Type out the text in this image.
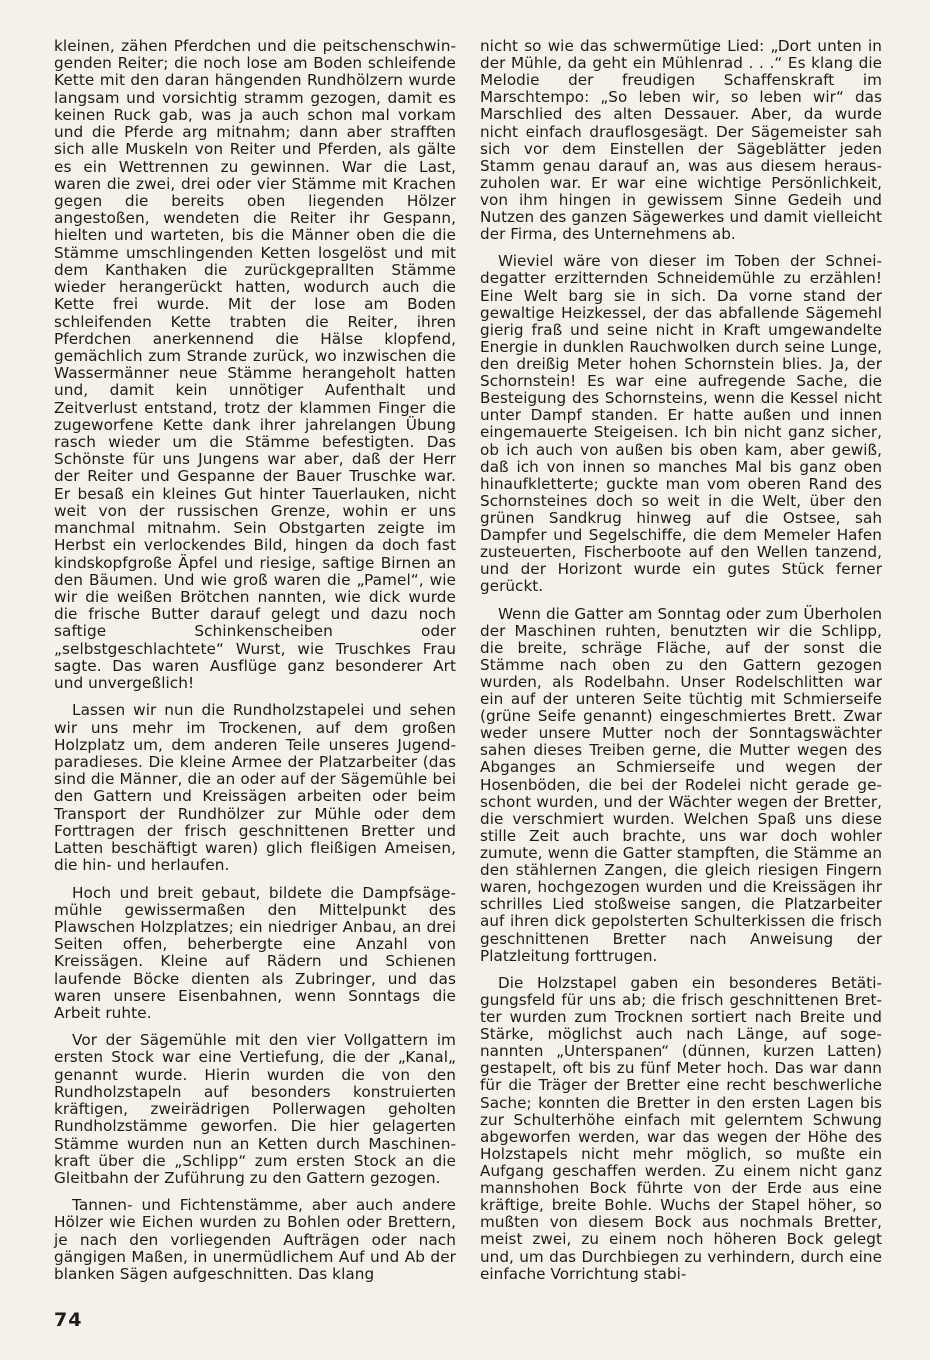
kleinen, zähen Pferdchen und die peitschenschwingenden Reiter; die noch lose am Boden schleifende Kette mit den daran hängenden Rundhölzern wurde langsam und vorsichtig stramm gezogen, damit es keinen Ruck gab, was ja auch schon mal vorkam und die Pferde arg mitnahm; dann aber strafften sich alle Muskeln von Reiter und Pferden, als gälte es ein Wettrennen zu gewinnen. War die Last, waren die zwei, drei oder vier Stämme mit Krachen gegen die bereits oben liegenden Hölzer angestoßen, wendeten die Reiter ihr Gespann, hielten und warteten, bis die Männer oben die die Stämme umschlingenden Ketten losgelöst und mit dem Kanthaken die zurückgeprallten Stämme wieder herangerückt hatten, wodurch auch die Kette frei wurde. Mit der lose am Boden schleifenden Kette trabten die Reiter, ihren Pferdchen anerkennend die Hälse klopfend, gemächlich zum Strande zurück, wo inzwischen die Wassermänner neue Stämme herangeholt hatten und, damit kein unnötiger Aufenthalt und Zeitverlust entstand, trotz der klammen Finger die zugeworfene Kette dank ihrer jahrelangen Übung rasch wieder um die Stämme befestigten. Das Schönste für uns Jungens war aber, daß der Herr der Reiter und Gespanne der Bauer Truschke war. Er besaß ein kleines Gut hinter Tauerlauken, nicht weit von der russischen Grenze, wohin er uns manchmal mitnahm. Sein Obstgarten zeigte im Herbst ein verlockendes Bild, hingen da doch fast kindskopfgroße Äpfel und riesige, saftige Birnen an den Bäumen. Und wie groß waren die „Pamel“, wie wir die weißen Brötchen nannten, wie dick wurde die frische Butter darauf gelegt und dazu noch saftige Schinkenscheiben oder „selbstgeschlachtete“ Wurst, wie Truschkes Frau sagte. Das waren Ausflüge ganz besonderer Art und unvergeßlich!

Lassen wir nun die Rundholzstapelei und sehen wir uns mehr im Trockenen, auf dem großen Holzplatz um, dem anderen Teile unseres Jugendparadieses. Die kleine Armee der Platzarbeiter (das sind die Männer, die an oder auf der Sägemühle bei den Gattern und Kreissägen arbeiten oder beim Transport der Rundhölzer zur Mühle oder dem Forttragen der frisch geschnittenen Bretter und Latten beschäftigt waren) glich fleißigen Ameisen, die hin- und herlaufen.

Hoch und breit gebaut, bildete die Dampfsägemühle gewissermaßen den Mittelpunkt des Plawschen Holzplatzes; ein niedriger Anbau, an drei Seiten offen, beherbergte eine Anzahl von Kreissägen. Kleine auf Rädern und Schienen laufende Böcke dienten als Zubringer, und das waren unsere Eisenbahnen, wenn Sonntags die Arbeit ruhte.

Vor der Sägemühle mit den vier Vollgattern im ersten Stock war eine Vertiefung, die der „Kanal„ genannt wurde. Hierin wurden die von den Rundholzstapeln auf besonders konstruierten kräftigen, zweirädrigen Pollerwagen geholten Rundholzstämme geworfen. Die hier gelagerten Stämme wurden nun an Ketten durch Maschinenkraft über die „Schlipp“ zum ersten Stock an die Gleitbahn der Zuführung zu den Gattern gezogen.

Tannen- und Fichtenstämme, aber auch andere Hölzer wie Eichen wurden zu Bohlen oder Brettern, je nach den vorliegenden Aufträgen oder nach gängigen Maßen, in unermüdlichem Auf und Ab der blanken Sägen aufgeschnitten. Das klang

nicht so wie das schwermütige Lied: „Dort unten in der Mühle, da geht ein Mühlenrad . . .“ Es klang die Melodie der freudigen Schaffenskraft im Marschtempo: „So leben wir, so leben wir“ das Marschlied des alten Dessauer. Aber, da wurde nicht einfach drauflosgesägt. Der Sägemeister sah sich vor dem Einstellen der Sägeblätter jeden Stamm genau darauf an, was aus diesem herauszuholen war. Er war eine wichtige Persönlichkeit, von ihm hingen in gewissem Sinne Gedeih und Nutzen des ganzen Sägewerkes und damit vielleicht der Firma, des Unternehmens ab.

Wieviel wäre von dieser im Toben der Schneidegatter erzitternden Schneidemühle zu erzählen! Eine Welt barg sie in sich. Da vorne stand der gewaltige Heizkessel, der das abfallende Sägemehl gierig fraß und seine nicht in Kraft umgewandelte Energie in dunklen Rauchwolken durch seine Lunge, den dreißig Meter hohen Schornstein blies. Ja, der Schornstein! Es war eine aufregende Sache, die Besteigung des Schornsteins, wenn die Kessel nicht unter Dampf standen. Er hatte außen und innen eingemauerte Steigeisen. Ich bin nicht ganz sicher, ob ich auch von außen bis oben kam, aber gewiß, daß ich von innen so manches Mal bis ganz oben hinaufkletterte; guckte man vom oberen Rand des Schornsteines doch so weit in die Welt, über den grünen Sandkrug hinweg auf die Ostsee, sah Dampfer und Segelschiffe, die dem Memeler Hafen zusteuerten, Fischerboote auf den Wellen tanzend, und der Horizont wurde ein gutes Stück ferner gerückt.

Wenn die Gatter am Sonntag oder zum Überholen der Maschinen ruhten, benutzten wir die Schlipp, die breite, schräge Fläche, auf der sonst die Stämme nach oben zu den Gattern gezogen wurden, als Rodelbahn. Unser Rodelschlitten war ein auf der unteren Seite tüchtig mit Schmierseife (grüne Seife genannt) eingeschmiertes Brett. Zwar weder unsere Mutter noch der Sonntagswächter sahen dieses Treiben gerne, die Mutter wegen des Abganges an Schmierseife und wegen der Hosenböden, die bei der Rodelei nicht gerade geschont wurden, und der Wächter wegen der Bretter, die verschmiert wurden. Welchen Spaß uns diese stille Zeit auch brachte, uns war doch wohler zumute, wenn die Gatter stampften, die Stämme an den stählernen Zangen, die gleich riesigen Fingern waren, hochgezogen wurden und die Kreissägen ihr schrilles Lied stoßweise sangen, die Platzarbeiter auf ihren dick gepolsterten Schulterkissen die frisch geschnittenen Bretter nach Anweisung der Platzleitung forttrugen.

Die Holzstapel gaben ein besonderes Betätigungsfeld für uns ab; die frisch geschnittenen Bretter wurden zum Trocknen sortiert nach Breite und Stärke, möglichst auch nach Länge, auf sogenannten „Unterspanen“ (dünnen, kurzen Latten) gestapelt, oft bis zu fünf Meter hoch. Das war dann für die Träger der Bretter eine recht beschwerliche Sache; konnten die Bretter in den ersten Lagen bis zur Schulterhöhe einfach mit gelerntem Schwung abgeworfen werden, war das wegen der Höhe des Holzstapels nicht mehr möglich, so mußte ein Aufgang geschaffen werden. Zu einem nicht ganz mannshohen Bock führte von der Erde aus eine kräftige, breite Bohle. Wuchs der Stapel höher, so mußten von diesem Bock aus nochmals Bretter, meist zwei, zu einem noch höheren Bock gelegt und, um das Durchbiegen zu verhindern, durch eine einfache Vorrichtung stabi-

74
